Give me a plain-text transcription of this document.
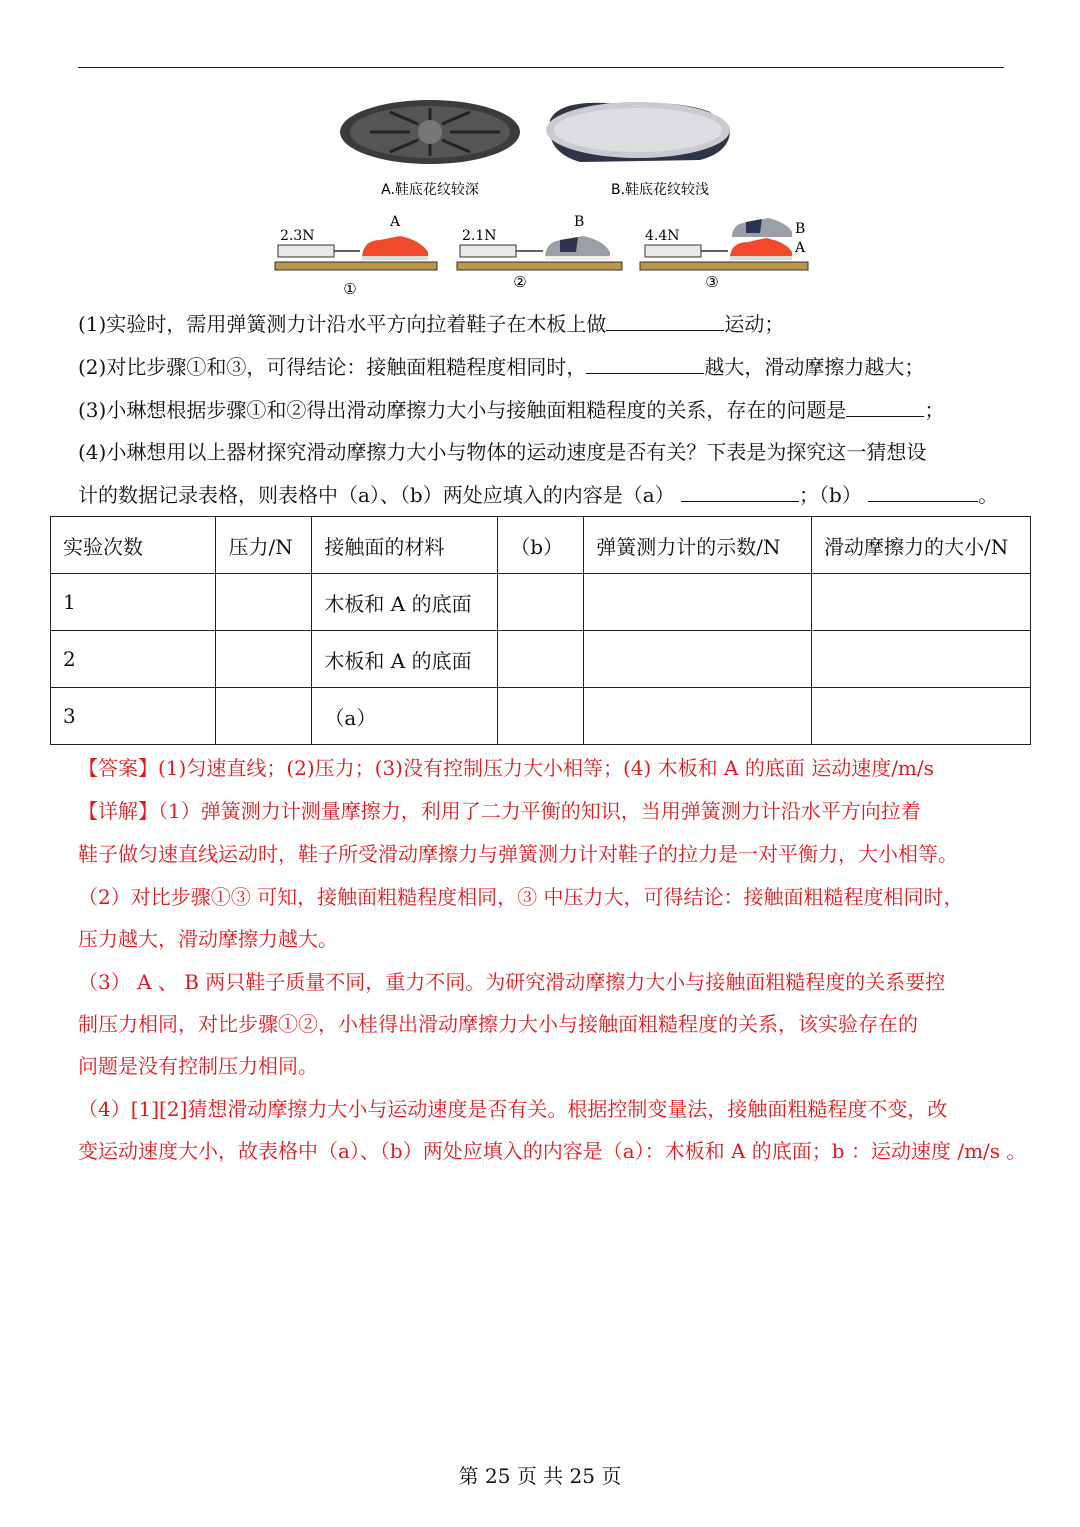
A.鞋底花纹较深	B.鞋底花纹较浅
2.3N
A
①
2.1N
B
②
4.4N	B
A
③
(1)实验时，需用弹簧测力计沿水平方向拉着鞋子在木板上做	运动；
(2)对比步骤①和③，可得结论：接触面粗糙程度相同时，	越大，滑动摩擦力越大；
(3)小琳想根据步骤①和②得出滑动摩擦力大小与接触面粗糙程度的关系，存在的问题是	；
(4)小琳想用以上器材探究滑动摩擦力大小与物体的运动速度是否有关？下表是为探究这一猜想设
计的数据记录表格，则表格中（a）、（b）两处应填入的内容是（a）	；（b）	。
实验次数	压力/N	接触面的材料	（b）	弹簧测力计的示数/N	滑动摩擦力的大小/N
1		木板和 A 的底面			
2		木板和 A 的底面			
3		（a）			
【答案】(1)匀速直线；(2)压力；(3)没有控制压力大小相等；(4) 木板和 A 的底面 运动速度/m/s
【详解】（1）弹簧测力计测量摩擦力，利用了二力平衡的知识，当用弹簧测力计沿水平方向拉着
鞋子做匀速直线运动时，鞋子所受滑动摩擦力与弹簧测力计对鞋子的拉力是一对平衡力，大小相等。
（2）对比步骤①③ 可知，接触面粗糙程度相同，③ 中压力大，可得结论：接触面粗糙程度相同时，
压力越大，滑动摩擦力越大。
（3） A 、 B 两只鞋子质量不同，重力不同。为研究滑动摩擦力大小与接触面粗糙程度的关系要控
制压力相同，对比步骤①②，小桂得出滑动摩擦力大小与接触面粗糙程度的关系，该实验存在的
问题是没有控制压力相同。
（4）[1][2]猜想滑动摩擦力大小与运动速度是否有关。根据控制变量法，接触面粗糙程度不变，改
变运动速度大小，故表格中（a）、（b）两处应填入的内容是（a）：木板和 A 的底面；b ：运动速度 /m/s 。
第 25 页 共 25 页
